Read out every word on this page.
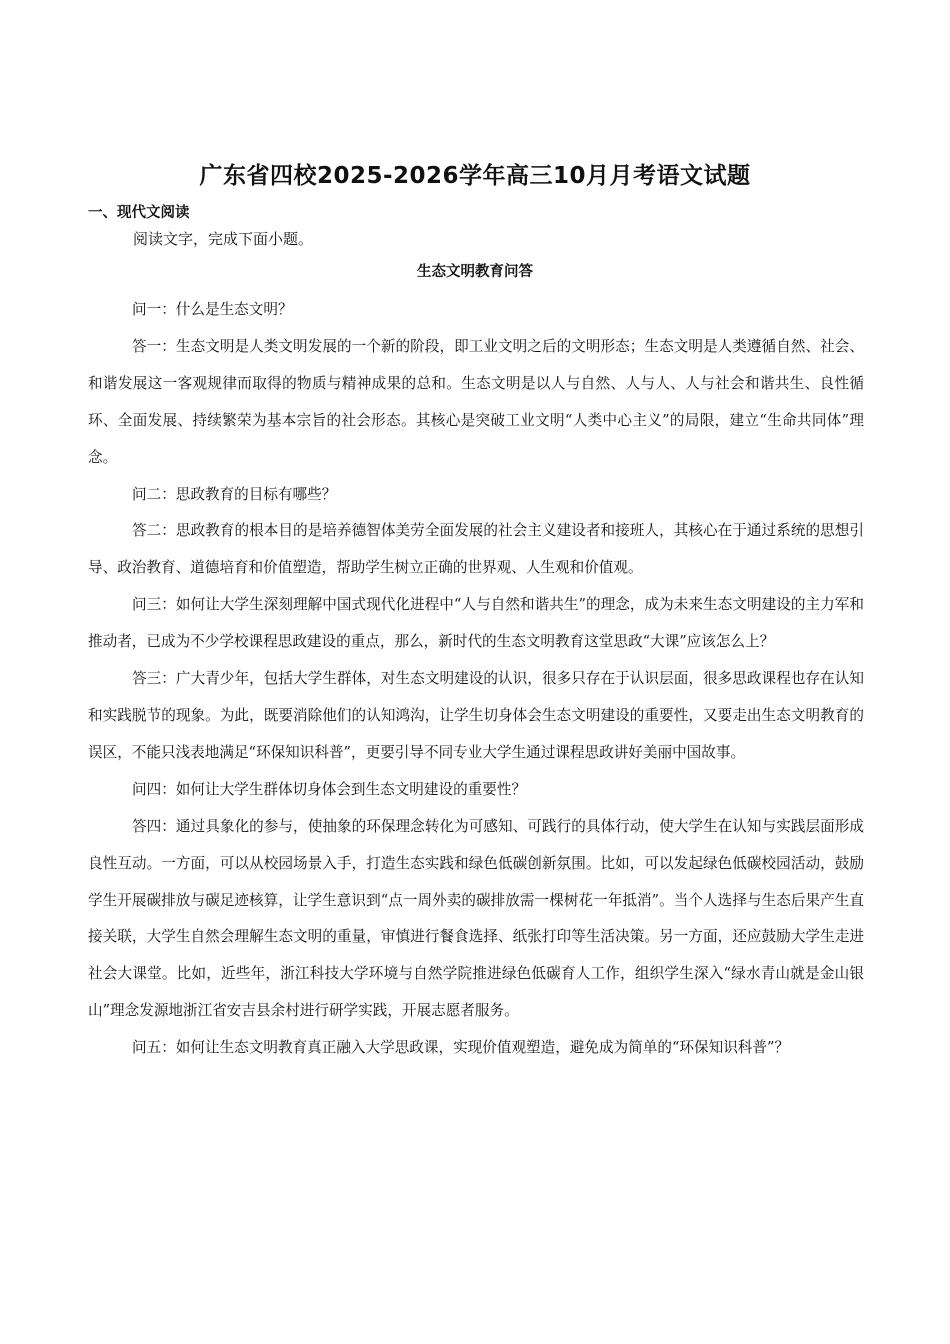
广东省四校2025-2026学年高三10月月考语文试题
一、现代文阅读
阅读文字，完成下面小题。
生态文明教育问答

问一：什么是生态文明？

答一：生态文明是人类文明发展的一个新的阶段，即工业文明之后的文明形态；生态文明是人类遵循自然、社会、和谐发展这一客观规律而取得的物质与精神成果的总和。生态文明是以人与自然、人与人、人与社会和谐共生、良性循环、全面发展、持续繁荣为基本宗旨的社会形态。其核心是突破工业文明“人类中心主义”的局限，建立“生命共同体”理念。

问二：思政教育的目标有哪些？

答二：思政教育的根本目的是培养德智体美劳全面发展的社会主义建设者和接班人，其核心在于通过系统的思想引导、政治教育、道德培育和价值塑造，帮助学生树立正确的世界观、人生观和价值观。

问三：如何让大学生深刻理解中国式现代化进程中“人与自然和谐共生”的理念，成为未来生态文明建设的主力军和推动者，已成为不少学校课程思政建设的重点，那么，新时代的生态文明教育这堂思政“大课”应该怎么上？

答三：广大青少年，包括大学生群体，对生态文明建设的认识，很多只存在于认识层面，很多思政课程也存在认知和实践脱节的现象。为此，既要消除他们的认知鸿沟，让学生切身体会生态文明建设的重要性，又要走出生态文明教育的误区，不能只浅表地满足“环保知识科普”，更要引导不同专业大学生通过课程思政讲好美丽中国故事。

问四：如何让大学生群体切身体会到生态文明建设的重要性？

答四：通过具象化的参与，使抽象的环保理念转化为可感知、可践行的具体行动，使大学生在认知与实践层面形成良性互动。一方面，可以从校园场景入手，打造生态实践和绿色低碳创新氛围。比如，可以发起绿色低碳校园活动，鼓励学生开展碳排放与碳足迹核算，让学生意识到“点一周外卖的碳排放需一棵树花一年抵消”。当个人选择与生态后果产生直接关联，大学生自然会理解生态文明的重量，审慎进行餐食选择、纸张打印等生活决策。另一方面，还应鼓励大学生走进社会大课堂。比如，近些年，浙江科技大学环境与自然学院推进绿色低碳育人工作，组织学生深入“绿水青山就是金山银山”理念发源地浙江省安吉县余村进行研学实践，开展志愿者服务。

问五：如何让生态文明教育真正融入大学思政课，实现价值观塑造，避免成为简单的“环保知识科普”？
